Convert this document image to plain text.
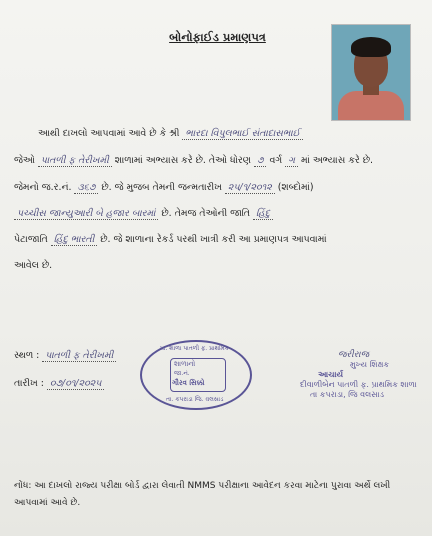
બોનોફાઈડ પ્રમાણપત્ર
આથી દાખલો આપવામાં આવે છે કે શ્રી ભારદા વિપુલભાઈ સંતાદાસભાઈ
જેઓ પાતળી ફ તેરીખમી શાળામાં અભ્યાસ કરે છે. તેઓ ધોરણ ૭ વર્ગ ગ માં અભ્યાસ કરે છે.
જેમનો જ.ર.નં. ૩૬૭ છે. જે મુજબ તેમની જન્મતારીખ ૨૫/૧/૨૦૧૨ (શબ્દોમાં)
પચ્ચીસ જાન્યુઆરી બે હજાર બારમાં છે. તેમજ તેઓની જાતિ હિંદુ
પેટાજાતિ હિંદુ ભારતી છે. જે શાળાના રેકર્ડ પરથી ખાત્રી કરી આ પ્રમાણપત્ર આપવામાં
આવેલ છે.
સ્થળ : પાતળી ફ તેરીખમી
તારીખ : ૦૭/૦૧/૨૦૨૫
પ્રા. શાળા પાતળી ફ. પ્રાથમિક
શાળાનો
જા.નં.
ગૌરવ સિક્કો
તા. કપરાડા જિ. વલસાડ
જરીરાજ
મુખ્ય શિક્ષક
આચાર્ય
દીવાળીબેન પાતળી ફ. પ્રાથમિક શાળા
તા કપરાડા, જિ વલસાડ
નોંધ: આ દાખલો રાજ્ય પરીક્ષા બોર્ડ દ્વારા લેવાતી NMMS પરીક્ષાના આવેદન કરવા માટેના પુરાવા અર્થે લખી આપવામાં આવે છે.
